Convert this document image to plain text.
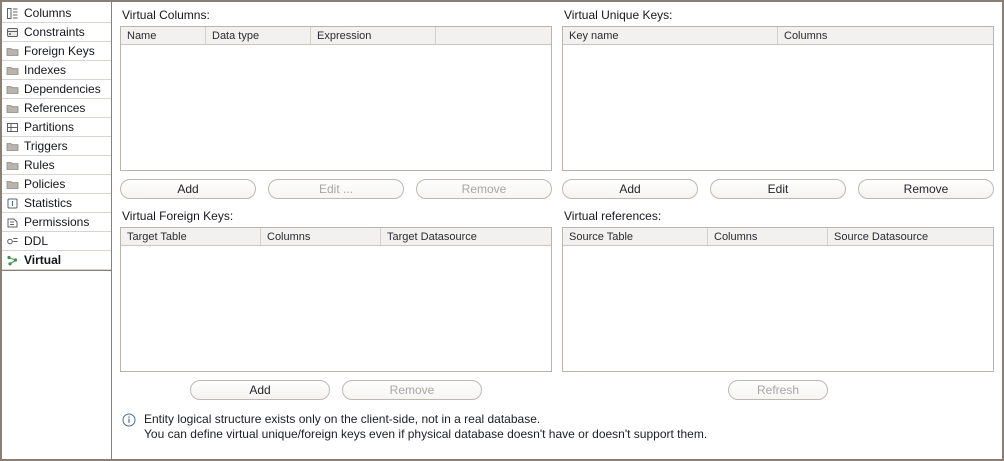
Columns
Constraints
Foreign Keys
Indexes
Dependencies
References
Partitions
Triggers
Rules
Policies
Statistics
Permissions
DDL
Virtual
Virtual Columns:
Name	Data type	Expression
Add	Edit ...	Remove
Virtual Unique Keys:
Key name	Columns
Add	Edit	Remove
Virtual Foreign Keys:
Target Table	Columns	Target Datasource
Add	Remove
Virtual references:
Source Table	Columns	Source Datasource
Refresh
Entity logical structure exists only on the client-side, not in a real database.
You can define virtual unique/foreign keys even if physical database doesn't have or doesn't support them.
